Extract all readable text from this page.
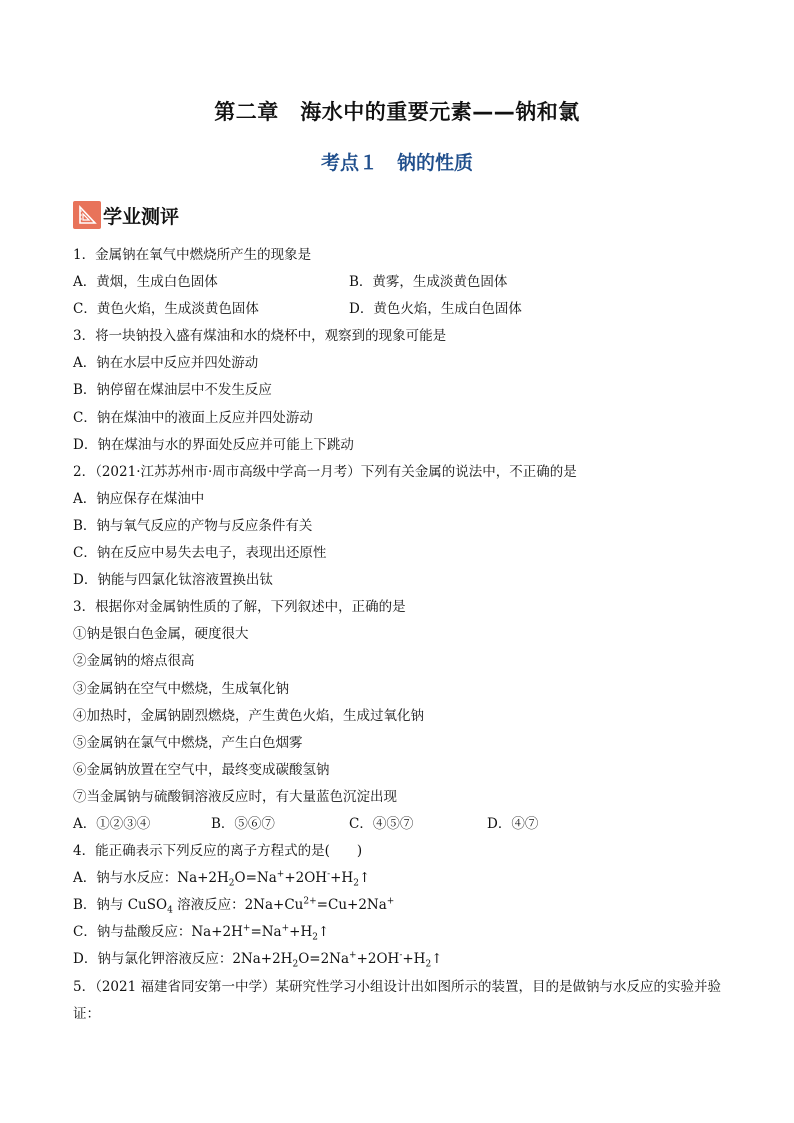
第二章　海水中的重要元素——钠和氯
考点１　钠的性质
学业测评
1．金属钠在氧气中燃烧所产生的现象是
A．黄烟，生成白色固体	B．黄雾，生成淡黄色固体
C．黄色火焰，生成淡黄色固体	D．黄色火焰，生成白色固体
3．将一块钠投入盛有煤油和水的烧杯中，观察到的现象可能是
A．钠在水层中反应并四处游动
B．钠停留在煤油层中不发生反应
C．钠在煤油中的液面上反应并四处游动
D．钠在煤油与水的界面处反应并可能上下跳动
2．（2021·江苏苏州市·周市高级中学高一月考）下列有关金属的说法中，不正确的是
A．钠应保存在煤油中
B．钠与氧气反应的产物与反应条件有关
C．钠在反应中易失去电子，表现出还原性
D．钠能与四氯化钛溶液置换出钛
3．根据你对金属钠性质的了解，下列叙述中，正确的是
①钠是银白色金属，硬度很大
②金属钠的熔点很高
③金属钠在空气中燃烧，生成氧化钠
④加热时，金属钠剧烈燃烧，产生黄色火焰，生成过氧化钠
⑤金属钠在氯气中燃烧，产生白色烟雾
⑥金属钠放置在空气中，最终变成碳酸氢钠
⑦当金属钠与硫酸铜溶液反应时，有大量蓝色沉淀出现
A．①②③④	B．⑤⑥⑦	C．④⑤⑦	D．④⑦
4．能正确表示下列反应的离子方程式的是(　　)
A．钠与水反应：$Na+2H_2O=Na^++2OH^-+H_2↑$
B．钠与 CuSO$_4$ 溶液反应：$2Na+Cu^{2+}=Cu+2Na^+$
C．钠与盐酸反应：$Na+2H^+=Na^++H_2↑$
D．钠与氯化钾溶液反应：$2Na+2H_2O=2Na^++2OH^-+H_2↑$
5．（2021 福建省同安第一中学）某研究性学习小组设计出如图所示的装置，目的是做钠与水反应的实验并验证：
